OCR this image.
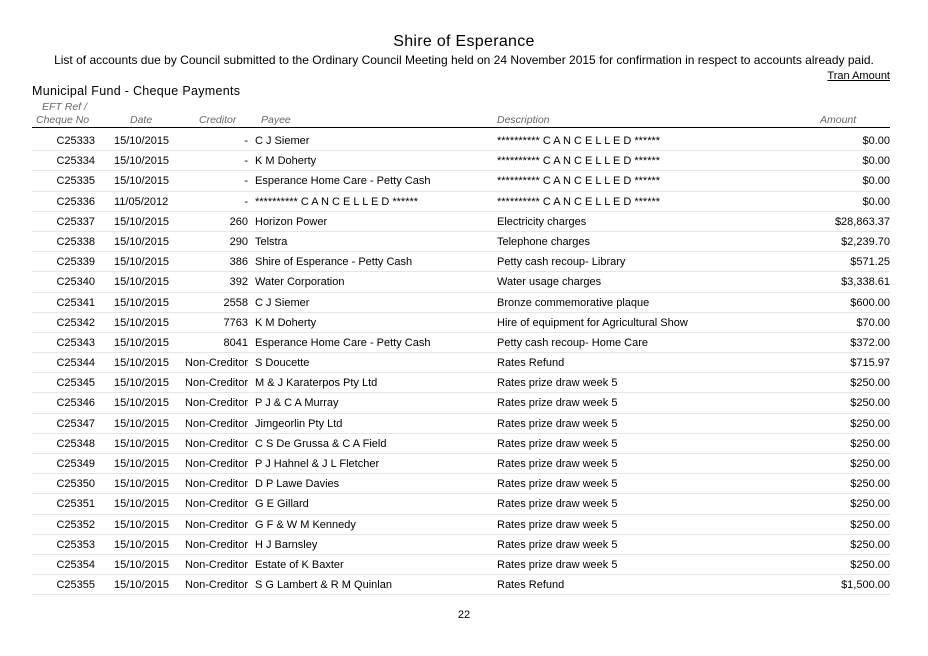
Shire of Esperance
List of accounts due by Council submitted to the Ordinary Council Meeting held on 24 November 2015 for confirmation in respect to accounts already paid.
Tran Amount
Municipal Fund - Cheque Payments
EFT Ref /
Cheque No	Date	Creditor Payee	Description	Amount
C25333 15/10/2015	- C J Siemer	********** C A N C E L L E D ******	$0.00
C25334 15/10/2015	- K M Doherty	********** C A N C E L L E D ******	$0.00
C25335 15/10/2015	- Esperance Home Care - Petty Cash	********** C A N C E L L E D ******	$0.00
C25336 11/05/2012	- ********** C A N C E L L E D ******	********** C A N C E L L E D ******	$0.00
C25337 15/10/2015	260 Horizon Power	Electricity charges	$28,863.37
C25338 15/10/2015	290 Telstra	Telephone charges	$2,239.70
C25339 15/10/2015	386 Shire of Esperance - Petty Cash	Petty cash recoup- Library	$571.25
C25340 15/10/2015	392 Water Corporation	Water usage charges	$3,338.61
C25341 15/10/2015	2558 C J Siemer	Bronze commemorative plaque	$600.00
C25342 15/10/2015	7763 K M Doherty	Hire of equipment for Agricultural Show	$70.00
C25343 15/10/2015	8041 Esperance Home Care - Petty Cash	Petty cash recoup- Home Care	$372.00
C25344 15/10/2015 Non-Creditor S Doucette	Rates Refund	$715.97
C25345 15/10/2015 Non-Creditor M & J Karaterpos Pty Ltd	Rates prize draw week 5	$250.00
C25346 15/10/2015 Non-Creditor P J & C A Murray	Rates prize draw week 5	$250.00
C25347 15/10/2015 Non-Creditor Jimgeorlin Pty Ltd	Rates prize draw week 5	$250.00
C25348 15/10/2015 Non-Creditor C S De Grussa & C A Field	Rates prize draw week 5	$250.00
C25349 15/10/2015 Non-Creditor P J Hahnel & J L Fletcher	Rates prize draw week 5	$250.00
C25350 15/10/2015 Non-Creditor D P Lawe Davies	Rates prize draw week 5	$250.00
C25351 15/10/2015 Non-Creditor G E Gillard	Rates prize draw week 5	$250.00
C25352 15/10/2015 Non-Creditor G F & W M Kennedy	Rates prize draw week 5	$250.00
C25353 15/10/2015 Non-Creditor H J Barnsley	Rates prize draw week 5	$250.00
C25354 15/10/2015 Non-Creditor Estate of K Baxter	Rates prize draw week 5	$250.00
C25355 15/10/2015 Non-Creditor S G Lambert & R M Quinlan	Rates Refund	$1,500.00
22
